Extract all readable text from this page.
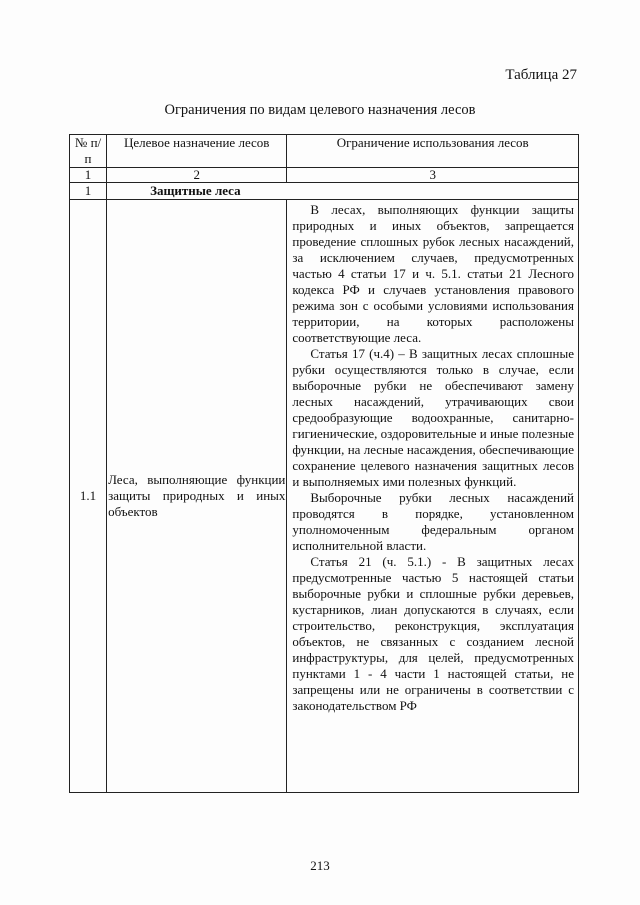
Таблица 27
Ограничения по видам целевого назначения лесов
№ п/п	Целевое назначение лесов	Ограничение использования лесов
1	2	3
1	Защитные леса	
1.1	Леса, выполняющие функции защиты природных и иных объектов	В лесах, выполняющих функции защиты природных и иных объектов, запрещается проведение сплошных рубок лесных насаждений, за исключением случаев, предусмотренных частью 4 статьи 17 и ч. 5.1. статьи 21 Лесного кодекса РФ и случаев установления правового режима зон с особыми условиями использования территории, на которых расположены соответствующие леса.

Статья 17 (ч.4) – В защитных лесах сплошные рубки осуществляются только в случае, если выборочные рубки не обеспечивают замену лесных насаждений, утрачивающих свои средообразующие водоохранные, санитарно-гигиенические, оздоровительные и иные полезные функции, на лесные насаждения, обеспечивающие сохранение целевого назначения защитных лесов и выполняемых ими полезных функций.

Выборочные рубки лесных насаждений проводятся в порядке, установленном уполномоченным федеральным органом исполнительной власти.

Статья 21 (ч. 5.1.) - В защитных лесах предусмотренные частью 5 настоящей статьи выборочные рубки и сплошные рубки деревьев, кустарников, лиан допускаются в случаях, если строительство, реконструкция, эксплуатация объектов, не связанных с созданием лесной инфраструктуры, для целей, предусмотренных пунктами 1 - 4 части 1 настоящей статьи, не запрещены или не ограничены в соответствии с законодательством РФ

213
